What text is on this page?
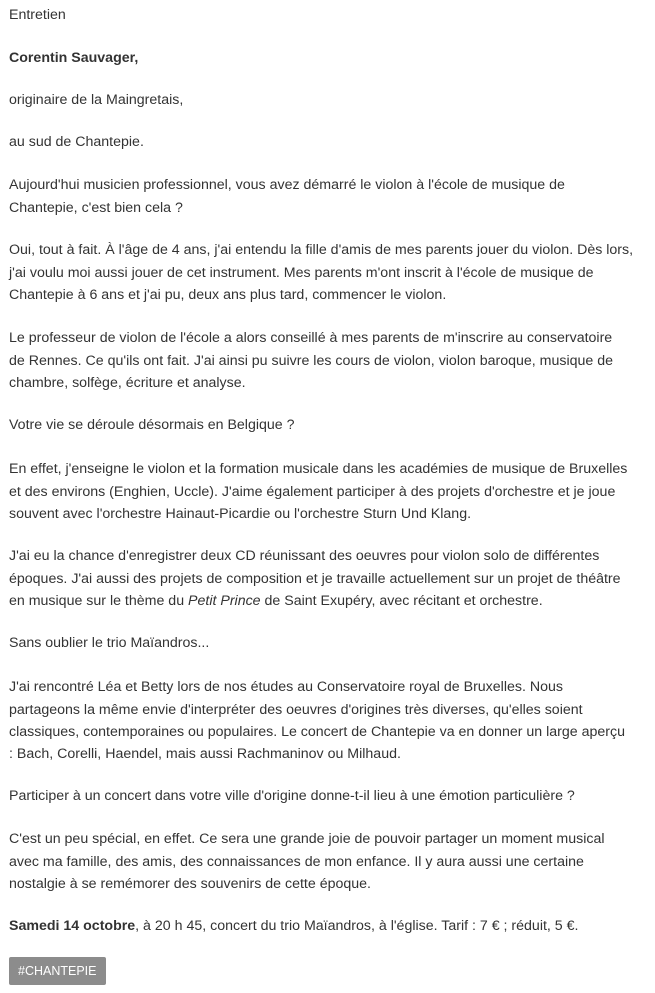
Entretien
Corentin Sauvager,
originaire de la Maingretais,
au sud de Chantepie.
Aujourd'hui musicien professionnel, vous avez démarré le violon à l'école de musique de
Chantepie, c'est bien cela ?
Oui, tout à fait. À l'âge de 4 ans, j'ai entendu la fille d'amis de mes parents jouer du violon. Dès lors,
j'ai voulu moi aussi jouer de cet instrument. Mes parents m'ont inscrit à l'école de musique de
Chantepie à 6 ans et j'ai pu, deux ans plus tard, commencer le violon.
Le professeur de violon de l'école a alors conseillé à mes parents de m'inscrire au conservatoire
de Rennes. Ce qu'ils ont fait. J'ai ainsi pu suivre les cours de violon, violon baroque, musique de
chambre, solfège, écriture et analyse.
Votre vie se déroule désormais en Belgique ?
En effet, j'enseigne le violon et la formation musicale dans les académies de musique de Bruxelles
et des environs (Enghien, Uccle). J'aime également participer à des projets d'orchestre et je joue
souvent avec l'orchestre Hainaut-Picardie ou l'orchestre Sturn Und Klang.
J'ai eu la chance d'enregistrer deux CD réunissant des oeuvres pour violon solo de différentes
époques. J'ai aussi des projets de composition et je travaille actuellement sur un projet de théâtre
en musique sur le thème du Petit Prince de Saint Exupéry, avec récitant et orchestre.
Sans oublier le trio Maïandros...
J'ai rencontré Léa et Betty lors de nos études au Conservatoire royal de Bruxelles. Nous
partageons la même envie d'interpréter des oeuvres d'origines très diverses, qu'elles soient
classiques, contemporaines ou populaires. Le concert de Chantepie va en donner un large aperçu
: Bach, Corelli, Haendel, mais aussi Rachmaninov ou Milhaud.
Participer à un concert dans votre ville d'origine donne-t-il lieu à une émotion particulière ?
C'est un peu spécial, en effet. Ce sera une grande joie de pouvoir partager un moment musical
avec ma famille, des amis, des connaissances de mon enfance. Il y aura aussi une certaine
nostalgie à se remémorer des souvenirs de cette époque.
Samedi 14 octobre, à 20 h 45, concert du trio Maïandros, à l'église. Tarif : 7 € ; réduit, 5 €.
#CHANTEPIE
